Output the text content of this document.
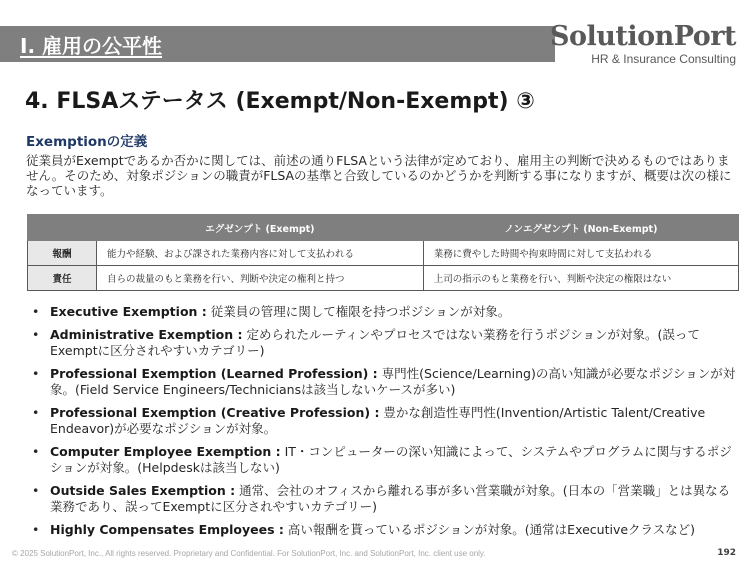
Ⅰ. 雇用の公平性	SolutionPort
HR & Insurance Consulting
4. FLSAステータス (Exempt/Non-Exempt) ③
Exemptionの定義
従業員がExemptであるか否かに関しては、前述の通りFLSAという法律が定めており、雇用主の判断で決めるものではありません。そのため、対象ポジションの職責がFLSAの基準と合致しているのかどうかを判断する事になりますが、概要は次の様になっています。
	エグゼンプト (Exempt)	ノンエグゼンプト (Non-Exempt)
報酬	能力や経験、および課された業務内容に対して支払われる	業務に費やした時間や拘束時間に対して支払われる
責任	自らの裁量のもと業務を行い、判断や決定の権利と持つ	上司の指示のもと業務を行い、判断や決定の権限はない
• Executive Exemption : 従業員の管理に関して権限を持つポジションが対象。
• Administrative Exemption : 定められたルーティンやプロセスではない業務を行うポジションが対象。(誤ってExemptに区分されやすいカテゴリー)
• Professional Exemption (Learned Profession) : 専門性(Science/Learning)の高い知識が必要なポジションが対象。(Field Service Engineers/Techniciansは該当しないケースが多い)
• Professional Exemption (Creative Profession) : 豊かな創造性専門性(Invention/Artistic Talent/Creative Endeavor)が必要なポジションが対象。
• Computer Employee Exemption : IT・コンピューターの深い知識によって、システムやプログラムに関与するポジションが対象。(Helpdeskは該当しない)
• Outside Sales Exemption : 通常、会社のオフィスから離れる事が多い営業職が対象。(日本の「営業職」とは異なる業務であり、誤ってExemptに区分されやすいカテゴリー)
• Highly Compensates Employees : 高い報酬を貰っているポジションが対象。(通常はExecutiveクラスなど)
© 2025 SolutionPort, Inc., All rights reserved. Proprietary and Confidential. For SolutionPort, Inc. and SolutionPort, Inc. client use only.	192
